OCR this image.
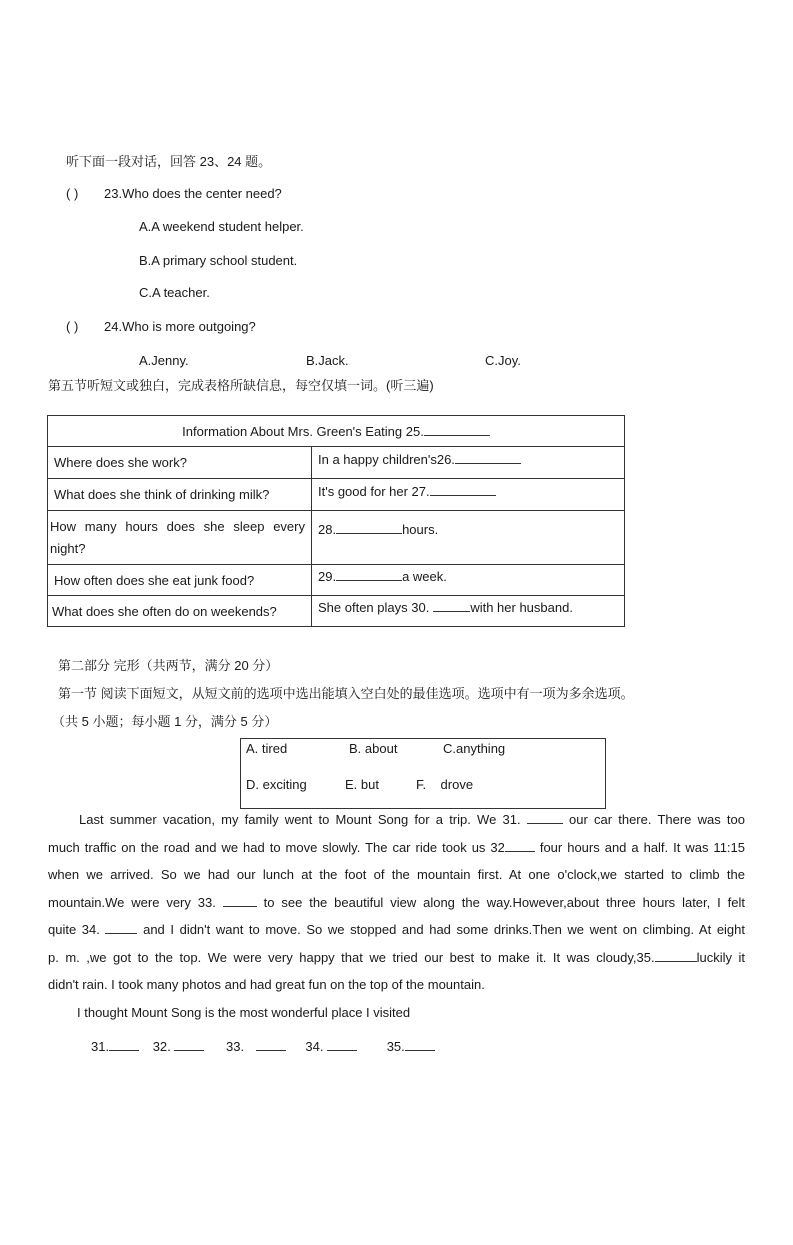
听下面一段对话，回答 23、24 题。
( ) 23.Who does the center need?
A.A weekend student helper.
B.A primary school student.
C.A teacher.
( ) 24.Who is more outgoing?
A.Jenny.	B.Jack.	C.Joy.
第五节听短文或独白，完成表格所缺信息，每空仅填一词。(听三遍)
Information About Mrs. Green's Eating 25.	
Where does she work?	In a happy children's26.
What does she think of drinking milk?	It's good for her 27.

How many hours does she sleep every night?	28. hours.
How often does she eat junk food?	29. a week.
What does she often do on weekends?	She often plays 30. with her husband.
第二部分 完形（共两节，满分 20 分）
第一节 阅读下面短文，从短文前的选项中选出能填入空白处的最佳选项。选项中有一项为多余选项。
（共 5 小题；每小题 1 分，满分 5 分）
A. tired	B. about	C.anything
D. exciting	E. but	F.    drove
Last summer vacation, my family went to Mount Song for a trip. We 31.	our car there. There was too
much traffic on the road and we had to move slowly. The car ride took us 32 four hours and a half. It was 11:15
when we arrived. So we had our lunch at the foot of the mountain first. At one o'clock,we started to climb the
mountain.We were very 33.	to see the beautiful view along the way.However,about three hours later, I felt
quite 34.	and I didn't want to move. So we stopped and had some drinks.Then we went on climbing. At eight
p. m. ,we got to the top. We were very happy that we tried our best to make it. It was cloudy,35.	luckily it
didn't rain. I took many photos and had great fun on the top of the mountain.
I thought Mount Song is the most wonderful place I visited
31.	32.	33.	34.	35.
